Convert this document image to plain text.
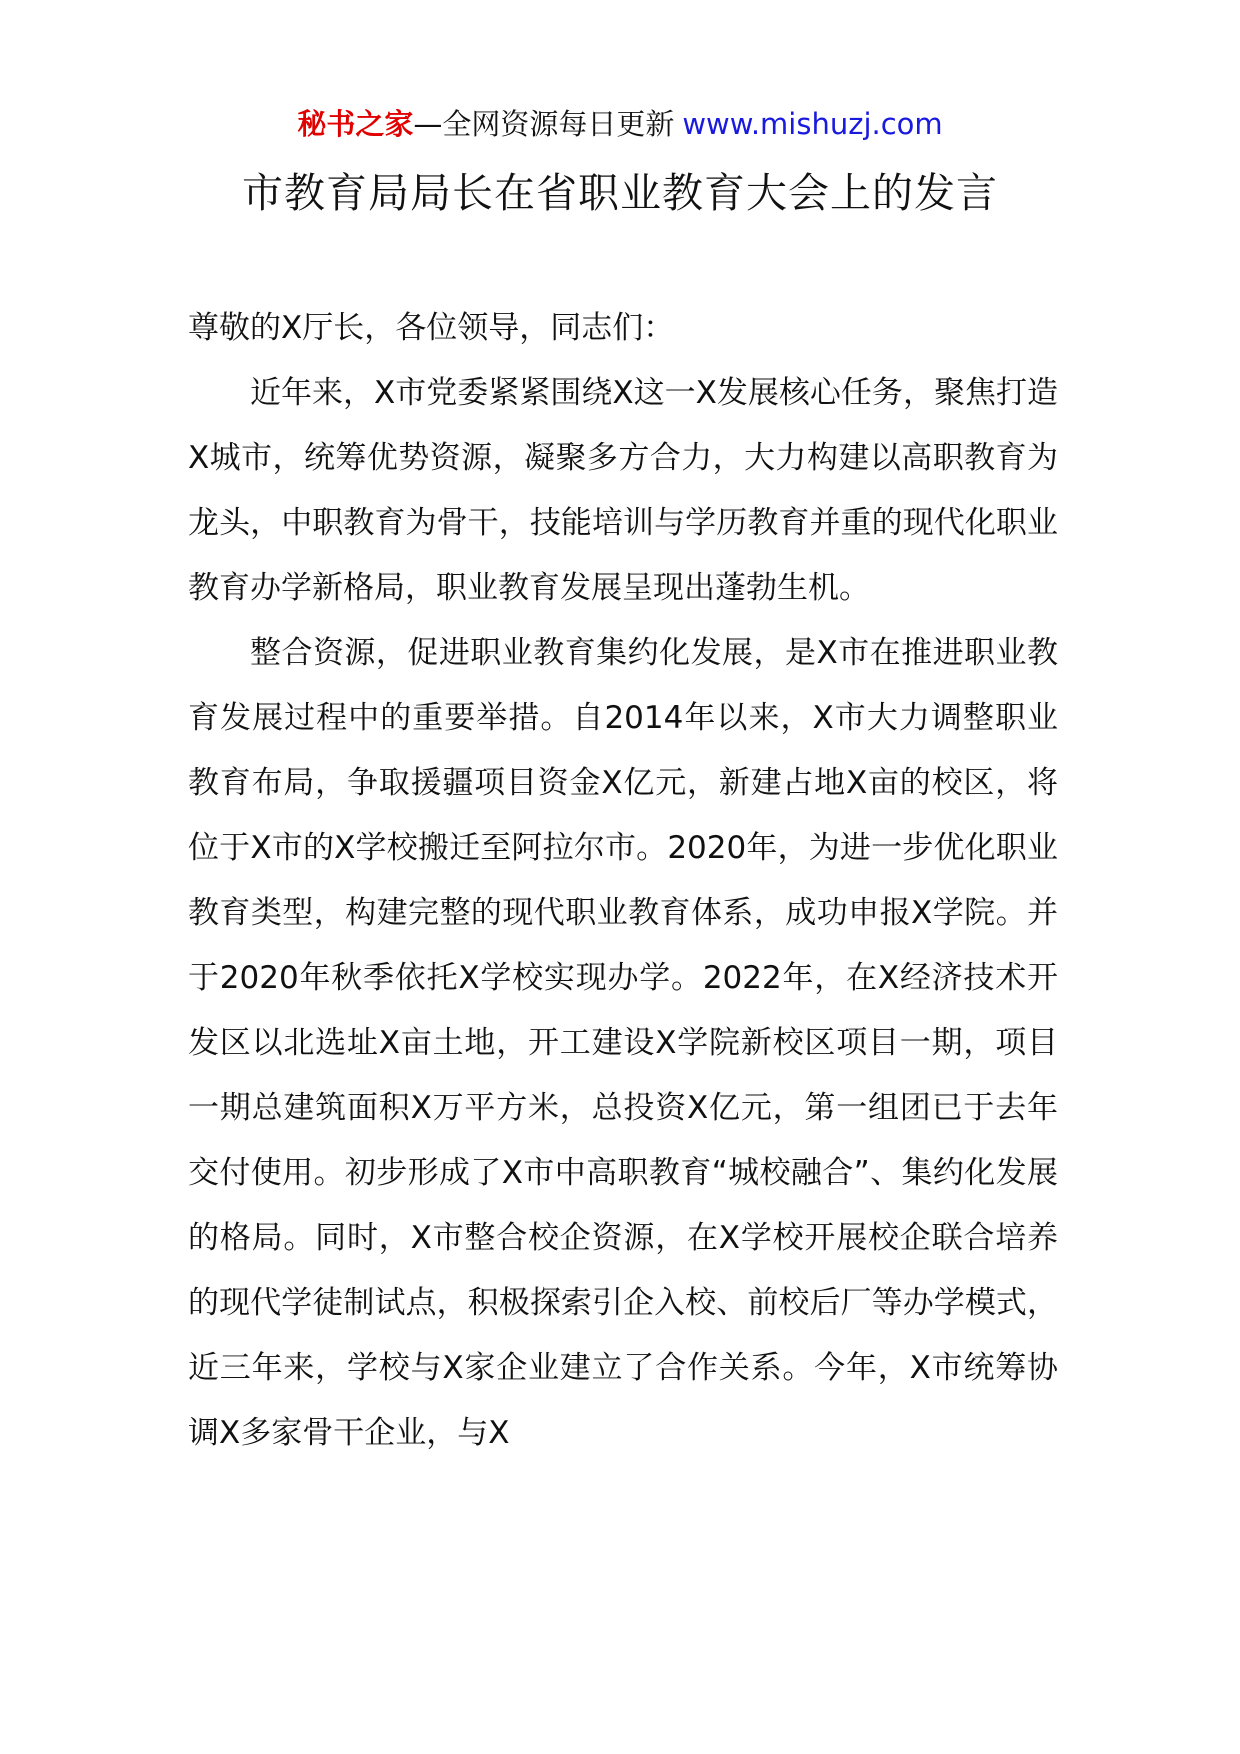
秘书之家—全网资源每日更新 www.mishuzj.com
市教育局局长在省职业教育大会上的发言

尊敬的X厅长，各位领导，同志们：

近年来，X市党委紧紧围绕X这一X发展核心任务，聚焦打造X城市，统筹优势资源，凝聚多方合力，大力构建以高职教育为龙头，中职教育为骨干，技能培训与学历教育并重的现代化职业教育办学新格局，职业教育发展呈现出蓬勃生机。

整合资源，促进职业教育集约化发展，是X市在推进职业教育发展过程中的重要举措。自2014年以来，X市大力调整职业教育布局，争取援疆项目资金X亿元，新建占地X亩的校区，将位于X市的X学校搬迁至阿拉尔市。2020年，为进一步优化职业教育类型，构建完整的现代职业教育体系，成功申报X学院。并于2020年秋季依托X学校实现办学。2022年，在X经济技术开发区以北选址X亩土地，开工建设X学院新校区项目一期，项目一期总建筑面积X万平方米，总投资X亿元，第一组团已于去年交付使用。初步形成了X市中高职教育“城校融合”、集约化发展的格局。同时，X市整合校企资源，在X学校开展校企联合培养的现代学徒制试点，积极探索引企入校、前校后厂等办学模式，近三年来，学校与X家企业建立了合作关系。今年，X市统筹协调X多家骨干企业，与X
